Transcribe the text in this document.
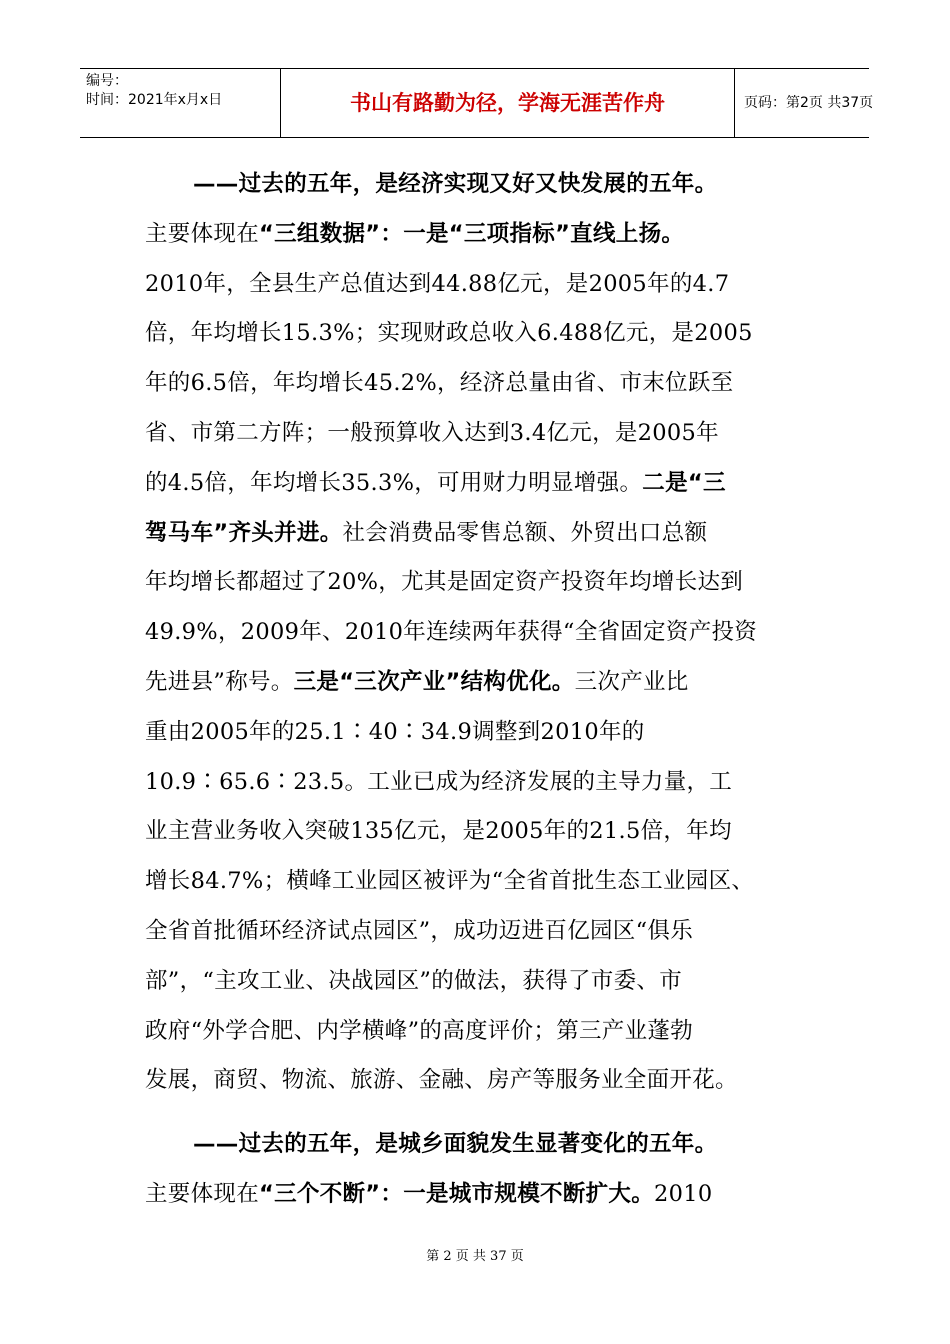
编号：
时间：2021年x月x日	书山有路勤为径，学海无涯苦作舟	页码：第2页 共37页
——过去的五年，是经济实现又好又快发展的五年。
主要体现在“三组数据”：一是“三项指标”直线上扬。
2010年，全县生产总值达到44.88亿元，是2005年的4.7
倍，年均增长15.3%；实现财政总收入6.488亿元，是2005
年的6.5倍，年均增长45.2%，经济总量由省、市末位跃至
省、市第二方阵；一般预算收入达到3.4亿元，是2005年
的4.5倍，年均增长35.3%，可用财力明显增强。二是“三
驾马车”齐头并进。社会消费品零售总额、外贸出口总额
年均增长都超过了20%，尤其是固定资产投资年均增长达到
49.9%，2009年、2010年连续两年获得“全省固定资产投资
先进县”称号。三是“三次产业”结构优化。三次产业比
重由2005年的25.1∶40∶34.9调整到2010年的
10.9∶65.6∶23.5。工业已成为经济发展的主导力量，工
业主营业务收入突破135亿元，是2005年的21.5倍，年均
增长84.7%；横峰工业园区被评为“全省首批生态工业园区、
全省首批循环经济试点园区”，成功迈进百亿园区“俱乐
部”，“主攻工业、决战园区”的做法，获得了市委、市
政府“外学合肥、内学横峰”的高度评价；第三产业蓬勃
发展，商贸、物流、旅游、金融、房产等服务业全面开花。
——过去的五年，是城乡面貌发生显著变化的五年。
主要体现在“三个不断”：一是城市规模不断扩大。2010
第 2 页 共 37 页
